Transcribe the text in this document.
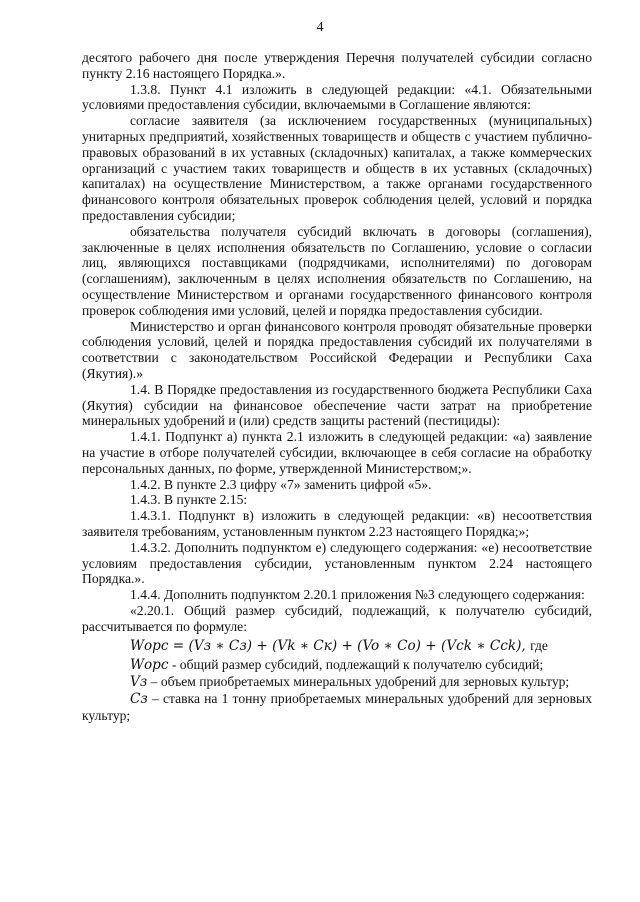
4

десятого рабочего дня после утверждения Перечня получателей субсидии согласно пункту 2.16 настоящего Порядка.».

1.3.8. Пункт 4.1 изложить в следующей редакции: «4.1. Обязательными условиями предоставления субсидии, включаемыми в Соглашение являются:

согласие заявителя (за исключением государственных (муниципальных) унитарных предприятий, хозяйственных товариществ и обществ с участием публично-правовых образований в их уставных (складочных) капиталах, а также коммерческих организаций с участием таких товариществ и обществ в их уставных (складочных) капиталах) на осуществление Министерством, а также органами государственного финансового контроля обязательных проверок соблюдения целей, условий и порядка предоставления субсидии;

обязательства получателя субсидий включать в договоры (соглашения), заключенные в целях исполнения обязательств по Соглашению, условие о согласии лиц, являющихся поставщиками (подрядчиками, исполнителями) по договорам (соглашениям), заключенным в целях исполнения обязательств по Соглашению, на осуществление Министерством и органами государственного финансового контроля проверок соблюдения ими условий, целей и порядка предоставления субсидии.

Министерство и орган финансового контроля проводят обязательные проверки соблюдения условий, целей и порядка предоставления субсидий их получателями в соответствии с законодательством Российской Федерации и Республики Саха (Якутия).»

1.4. В Порядке предоставления из государственного бюджета Республики Саха (Якутия) субсидии на финансовое обеспечение части затрат на приобретение минеральных удобрений и (или) средств защиты растений (пестициды):

1.4.1. Подпункт а) пункта 2.1 изложить в следующей редакции: «а) заявление на участие в отборе получателей субсидии, включающее в себя согласие на обработку персональных данных, по форме, утвержденной Министерством;».

1.4.2. В пункте 2.3 цифру «7» заменить цифрой «5».

1.4.3. В пункте 2.15:

1.4.3.1. Подпункт в) изложить в следующей редакции: «в) несоответствия заявителя требованиям, установленным пунктом 2.23 настоящего Порядка;»;

1.4.3.2. Дополнить подпунктом е) следующего содержания: «е) несоответствие условиям предоставления субсидии, установленным пунктом 2.24 настоящего Порядка.».

1.4.4. Дополнить подпунктом 2.20.1 приложения №3 следующего содержания:

«2.20.1. Общий размер субсидий, подлежащий, к получателю субсидий, рассчитывается по формуле:

Wорс = (Vз ∗ Cз) + (Vk ∗ Cк) + (Vo ∗ Co) + (Vck ∗ Cck), где

Wорс - общий размер субсидий, подлежащий к получателю субсидий;

Vз – объем приобретаемых минеральных удобрений для зерновых культур;

Сз – ставка на 1 тонну приобретаемых минеральных удобрений для зерновых культур;
